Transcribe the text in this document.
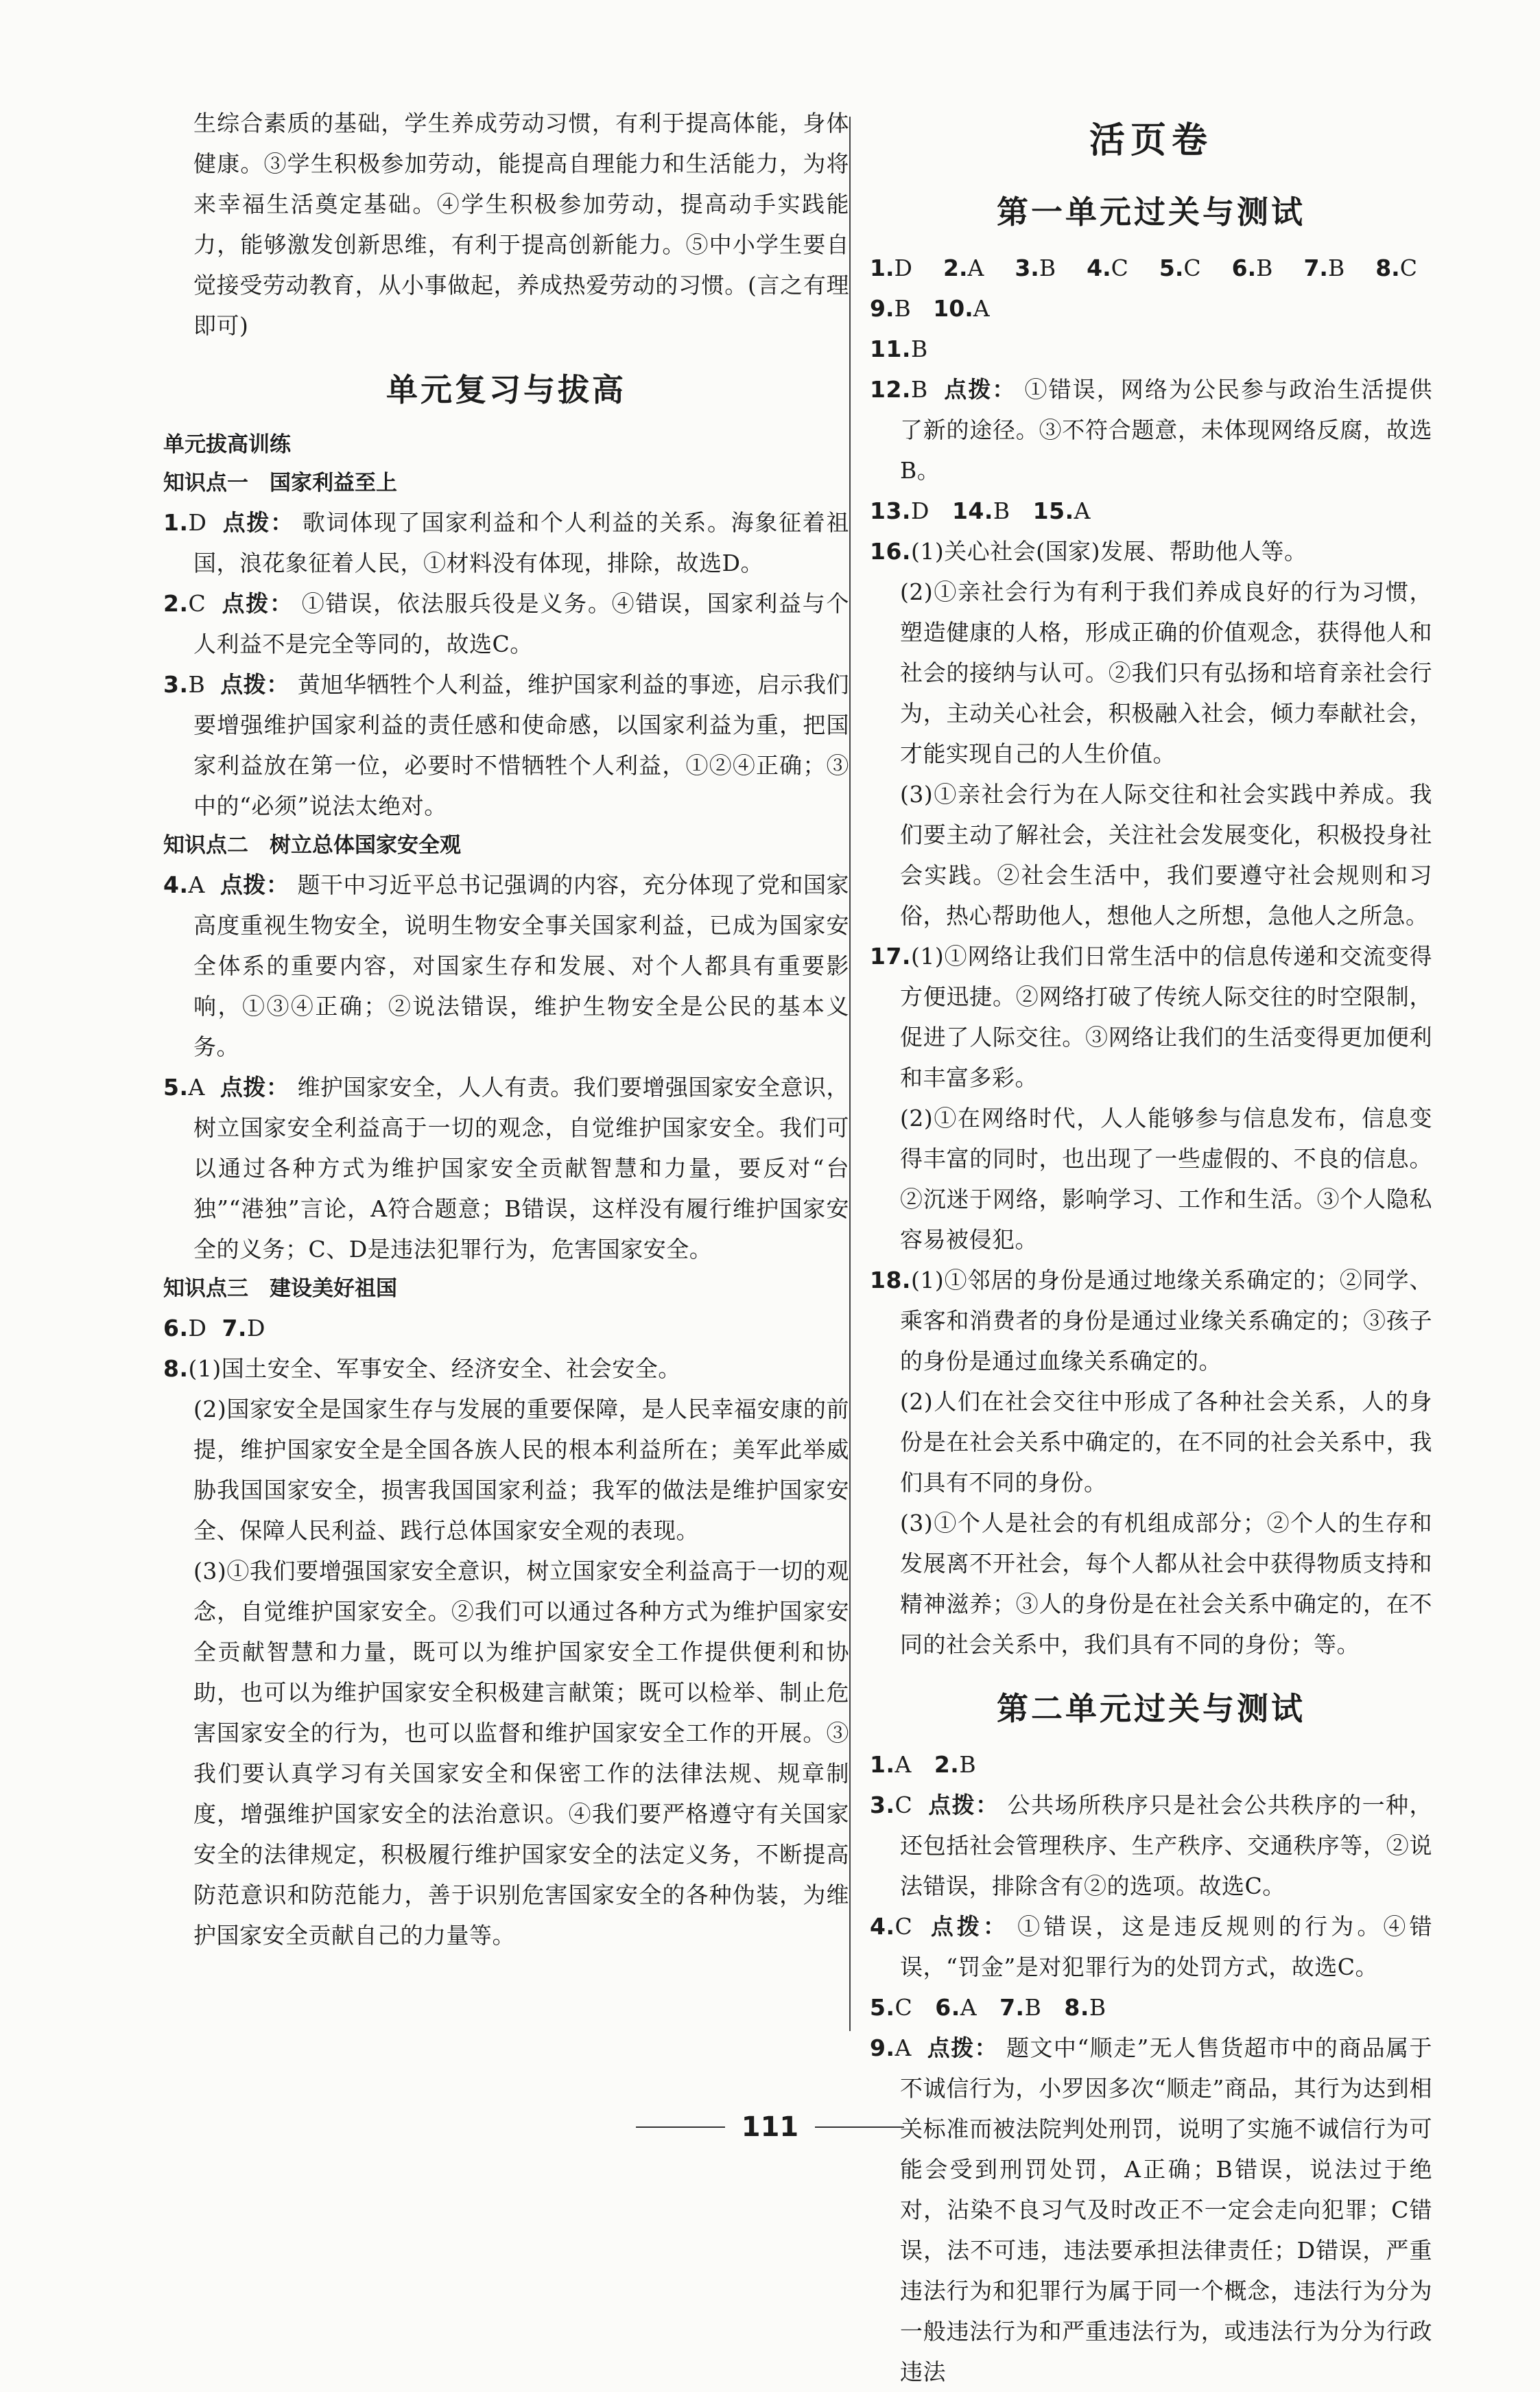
生综合素质的基础，学生养成劳动习惯，有利于提高体能，身体健康。③学生积极参加劳动，能提高自理能力和生活能力，为将来幸福生活奠定基础。④学生积极参加劳动，提高动手实践能力，能够激发创新思维，有利于提高创新能力。⑤中小学生要自觉接受劳动教育，从小事做起，养成热爱劳动的习惯。(言之有理即可)

单元复习与拔高
单元拔高训练
知识点一　国家利益至上

1.D 点拨： 歌词体现了国家利益和个人利益的关系。海象征着祖国，浪花象征着人民，①材料没有体现，排除，故选D。

2.C 点拨： ①错误，依法服兵役是义务。④错误，国家利益与个人利益不是完全等同的，故选C。

3.B 点拨： 黄旭华牺牲个人利益，维护国家利益的事迹，启示我们要增强维护国家利益的责任感和使命感，以国家利益为重，把国家利益放在第一位，必要时不惜牺牲个人利益，①②④正确；③中的“必须”说法太绝对。

知识点二　树立总体国家安全观

4.A 点拨： 题干中习近平总书记强调的内容，充分体现了党和国家高度重视生物安全，说明生物安全事关国家利益，已成为国家安全体系的重要内容，对国家生存和发展、对个人都具有重要影响，①③④正确；②说法错误，维护生物安全是公民的基本义务。

5.A 点拨： 维护国家安全，人人有责。我们要增强国家安全意识，树立国家安全利益高于一切的观念，自觉维护国家安全。我们可以通过各种方式为维护国家安全贡献智慧和力量，要反对“台独”“港独”言论，A符合题意；B错误，这样没有履行维护国家安全的义务；C、D是违法犯罪行为，危害国家安全。

知识点三　建设美好祖国

6.D 7.D

8.(1)国土安全、军事安全、经济安全、社会安全。

(2)国家安全是国家生存与发展的重要保障，是人民幸福安康的前提，维护国家安全是全国各族人民的根本利益所在；美军此举威胁我国国家安全，损害我国国家利益；我军的做法是维护国家安全、保障人民利益、践行总体国家安全观的表现。

(3)①我们要增强国家安全意识，树立国家安全利益高于一切的观念，自觉维护国家安全。②我们可以通过各种方式为维护国家安全贡献智慧和力量，既可以为维护国家安全工作提供便利和协助，也可以为维护国家安全积极建言献策；既可以检举、制止危害国家安全的行为，也可以监督和维护国家安全工作的开展。③我们要认真学习有关国家安全和保密工作的法律法规、规章制度，增强维护国家安全的法治意识。④我们要严格遵守有关国家安全的法律规定，积极履行维护国家安全的法定义务，不断提高防范意识和防范能力，善于识别危害国家安全的各种伪装，为维护国家安全贡献自己的力量等。

活页卷
第一单元过关与测试

1.D 2.A 3.B 4.C 5.C 6.B 7.B 8.C 9.B 10.A

11.B

12.B 点拨： ①错误，网络为公民参与政治生活提供了新的途径。③不符合题意，未体现网络反腐，故选B。

13.D 14.B 15.A

16.(1)关心社会(国家)发展、帮助他人等。

(2)①亲社会行为有利于我们养成良好的行为习惯，塑造健康的人格，形成正确的价值观念，获得他人和社会的接纳与认可。②我们只有弘扬和培育亲社会行为，主动关心社会，积极融入社会，倾力奉献社会，才能实现自己的人生价值。

(3)①亲社会行为在人际交往和社会实践中养成。我们要主动了解社会，关注社会发展变化，积极投身社会实践。②社会生活中，我们要遵守社会规则和习俗，热心帮助他人，想他人之所想，急他人之所急。

17.(1)①网络让我们日常生活中的信息传递和交流变得方便迅捷。②网络打破了传统人际交往的时空限制，促进了人际交往。③网络让我们的生活变得更加便利和丰富多彩。

(2)①在网络时代，人人能够参与信息发布，信息变得丰富的同时，也出现了一些虚假的、不良的信息。②沉迷于网络，影响学习、工作和生活。③个人隐私容易被侵犯。

18.(1)①邻居的身份是通过地缘关系确定的；②同学、乘客和消费者的身份是通过业缘关系确定的；③孩子的身份是通过血缘关系确定的。

(2)人们在社会交往中形成了各种社会关系，人的身份是在社会关系中确定的，在不同的社会关系中，我们具有不同的身份。

(3)①个人是社会的有机组成部分；②个人的生存和发展离不开社会，每个人都从社会中获得物质支持和精神滋养；③人的身份是在社会关系中确定的，在不同的社会关系中，我们具有不同的身份；等。

第二单元过关与测试

1.A 2.B

3.C 点拨： 公共场所秩序只是社会公共秩序的一种，还包括社会管理秩序、生产秩序、交通秩序等，②说法错误，排除含有②的选项。故选C。

4.C 点拨： ①错误，这是违反规则的行为。④错误，“罚金”是对犯罪行为的处罚方式，故选C。

5.C 6.A 7.B 8.B

9.A 点拨： 题文中“顺走”无人售货超市中的商品属于不诚信行为，小罗因多次“顺走”商品，其行为达到相关标准而被法院判处刑罚，说明了实施不诚信行为可能会受到刑罚处罚，A正确；B错误，说法过于绝对，沾染不良习气及时改正不一定会走向犯罪；C错误，法不可违，违法要承担法律责任；D错误，严重违法行为和犯罪行为属于同一个概念，违法行为分为一般违法行为和严重违法行为，或违法行为分为行政违法

111
